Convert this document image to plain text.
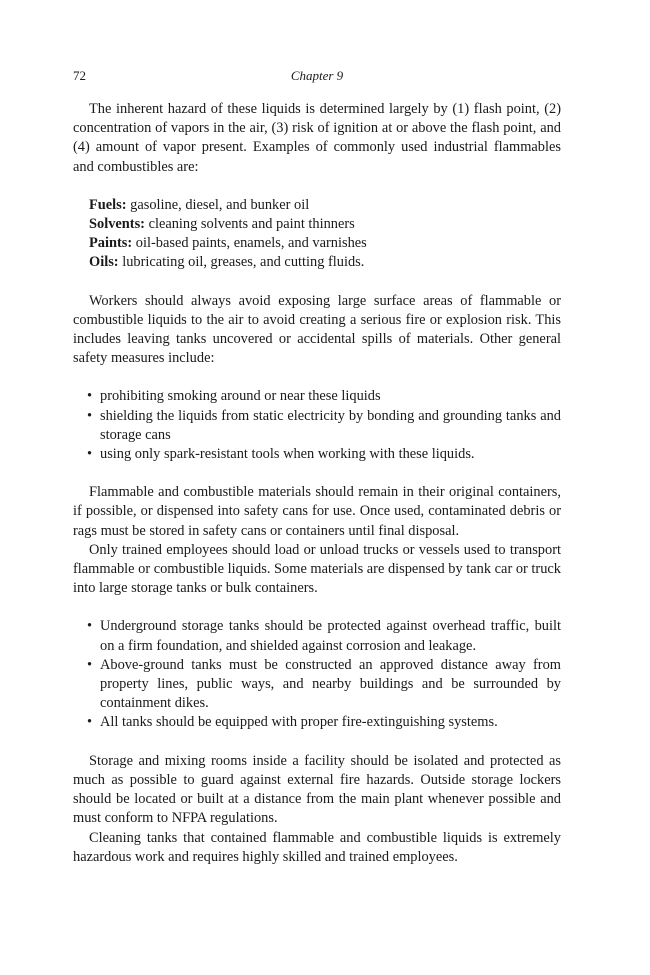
72	Chapter 9

The inherent hazard of these liquids is determined largely by (1) flash point, (2) concentration of vapors in the air, (3) risk of ignition at or above the flash point, and (4) amount of vapor present. Examples of commonly used industrial flammables and combustibles are:

Fuels: gasoline, diesel, and bunker oil
Solvents: cleaning solvents and paint thinners
Paints: oil-based paints, enamels, and varnishes
Oils: lubricating oil, greases, and cutting fluids.

Workers should always avoid exposing large surface areas of flammable or combustible liquids to the air to avoid creating a serious fire or explosion risk. This includes leaving tanks uncovered or accidental spills of materials. Other general safety measures include:

• prohibiting smoking around or near these liquids
• shielding the liquids from static electricity by bonding and grounding tanks and storage cans
• using only spark-resistant tools when working with these liquids.

Flammable and combustible materials should remain in their original containers, if possible, or dispensed into safety cans for use. Once used, contaminated debris or rags must be stored in safety cans or containers until final disposal.

Only trained employees should load or unload trucks or vessels used to transport flammable or combustible liquids. Some materials are dispensed by tank car or truck into large storage tanks or bulk containers.

• Underground storage tanks should be protected against overhead traffic, built on a firm foundation, and shielded against corrosion and leakage.
• Above-ground tanks must be constructed an approved distance away from property lines, public ways, and nearby buildings and be surrounded by containment dikes.
• All tanks should be equipped with proper fire-extinguishing systems.

Storage and mixing rooms inside a facility should be isolated and protected as much as possible to guard against external fire hazards. Outside storage lockers should be located or built at a distance from the main plant whenever possible and must conform to NFPA regulations.

Cleaning tanks that contained flammable and combustible liquids is extremely hazardous work and requires highly skilled and trained employees.
